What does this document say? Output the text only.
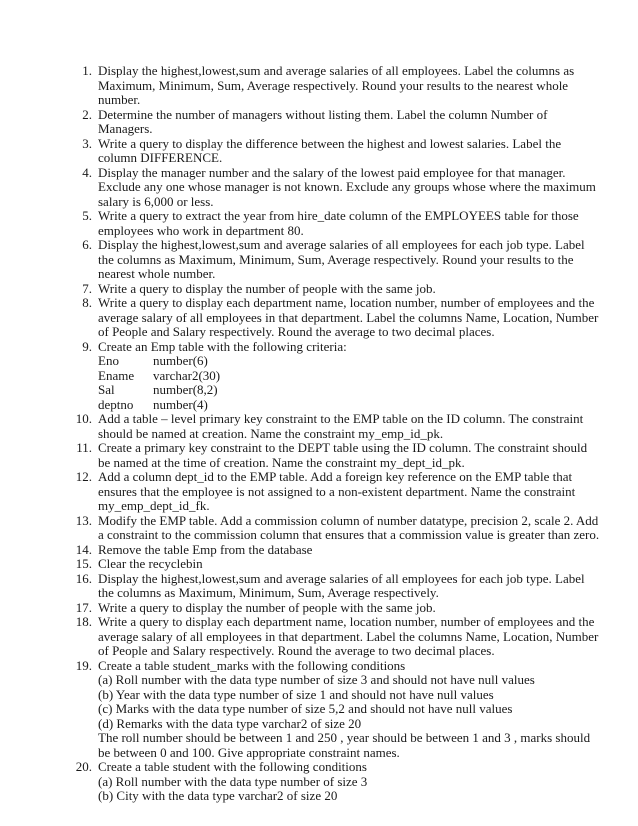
1. Display the highest,lowest,sum and average salaries of all employees. Label the columns as
Maximum, Minimum, Sum, Average respectively. Round your results to the nearest whole
number.
2. Determine the number of managers without listing them. Label the column Number of
Managers.
3. Write a query to display the difference between the highest and lowest salaries. Label the
column DIFFERENCE.
4. Display the manager number and the salary of the lowest paid employee for that manager.
Exclude any one whose manager is not known. Exclude any groups whose where the maximum
salary is 6,000 or less.
5. Write a query to extract the year from hire_date column of the EMPLOYEES table for those
employees who work in department 80.
6. Display the highest,lowest,sum and average salaries of all employees for each job type. Label
the columns as Maximum, Minimum, Sum, Average respectively. Round your results to the
nearest whole number.
7. Write a query to display the number of people with the same job.
8. Write a query to display each department name, location number, number of employees and the
average salary of all employees in that department. Label the columns Name, Location, Number
of People and Salary respectively. Round the average to two decimal places.
9. Create an Emp table with the following criteria:
Eno	number(6)
Ename	varchar2(30)
Sal	number(8,2)
deptno	number(4)
10. Add a table – level primary key constraint to the EMP table on the ID column. The constraint
should be named at creation. Name the constraint my_emp_id_pk.
11. Create a primary key constraint to the DEPT table using the ID column. The constraint should
be named at the time of creation. Name the constraint my_dept_id_pk.
12. Add a column dept_id to the EMP table. Add a foreign key reference on the EMP table that
ensures that the employee is not assigned to a non-existent department. Name the constraint
my_emp_dept_id_fk.
13. Modify the EMP table. Add a commission column of number datatype, precision 2, scale 2. Add
a constraint to the commission column that ensures that a commission value is greater than zero.
14. Remove the table Emp from the database
15. Clear the recyclebin
16. Display the highest,lowest,sum and average salaries of all employees for each job type. Label
the columns as Maximum, Minimum, Sum, Average respectively.
17. Write a query to display the number of people with the same job.
18. Write a query to display each department name, location number, number of employees and the
average salary of all employees in that department. Label the columns Name, Location, Number
of People and Salary respectively. Round the average to two decimal places.
19. Create a table student_marks with the following conditions
(a) Roll number with the data type number of size 3 and should not have null values
(b) Year with the data type number of size 1 and should not have null values
(c) Marks with the data type number of size 5,2 and should not have null values
(d) Remarks with the data type varchar2 of size 20
The roll number should be between 1 and 250 , year should be between 1 and 3 , marks should
be between 0 and 100. Give appropriate constraint names.
20. Create a table student with the following conditions
(a) Roll number with the data type number of size 3
(b) City with the data type varchar2 of size 20
